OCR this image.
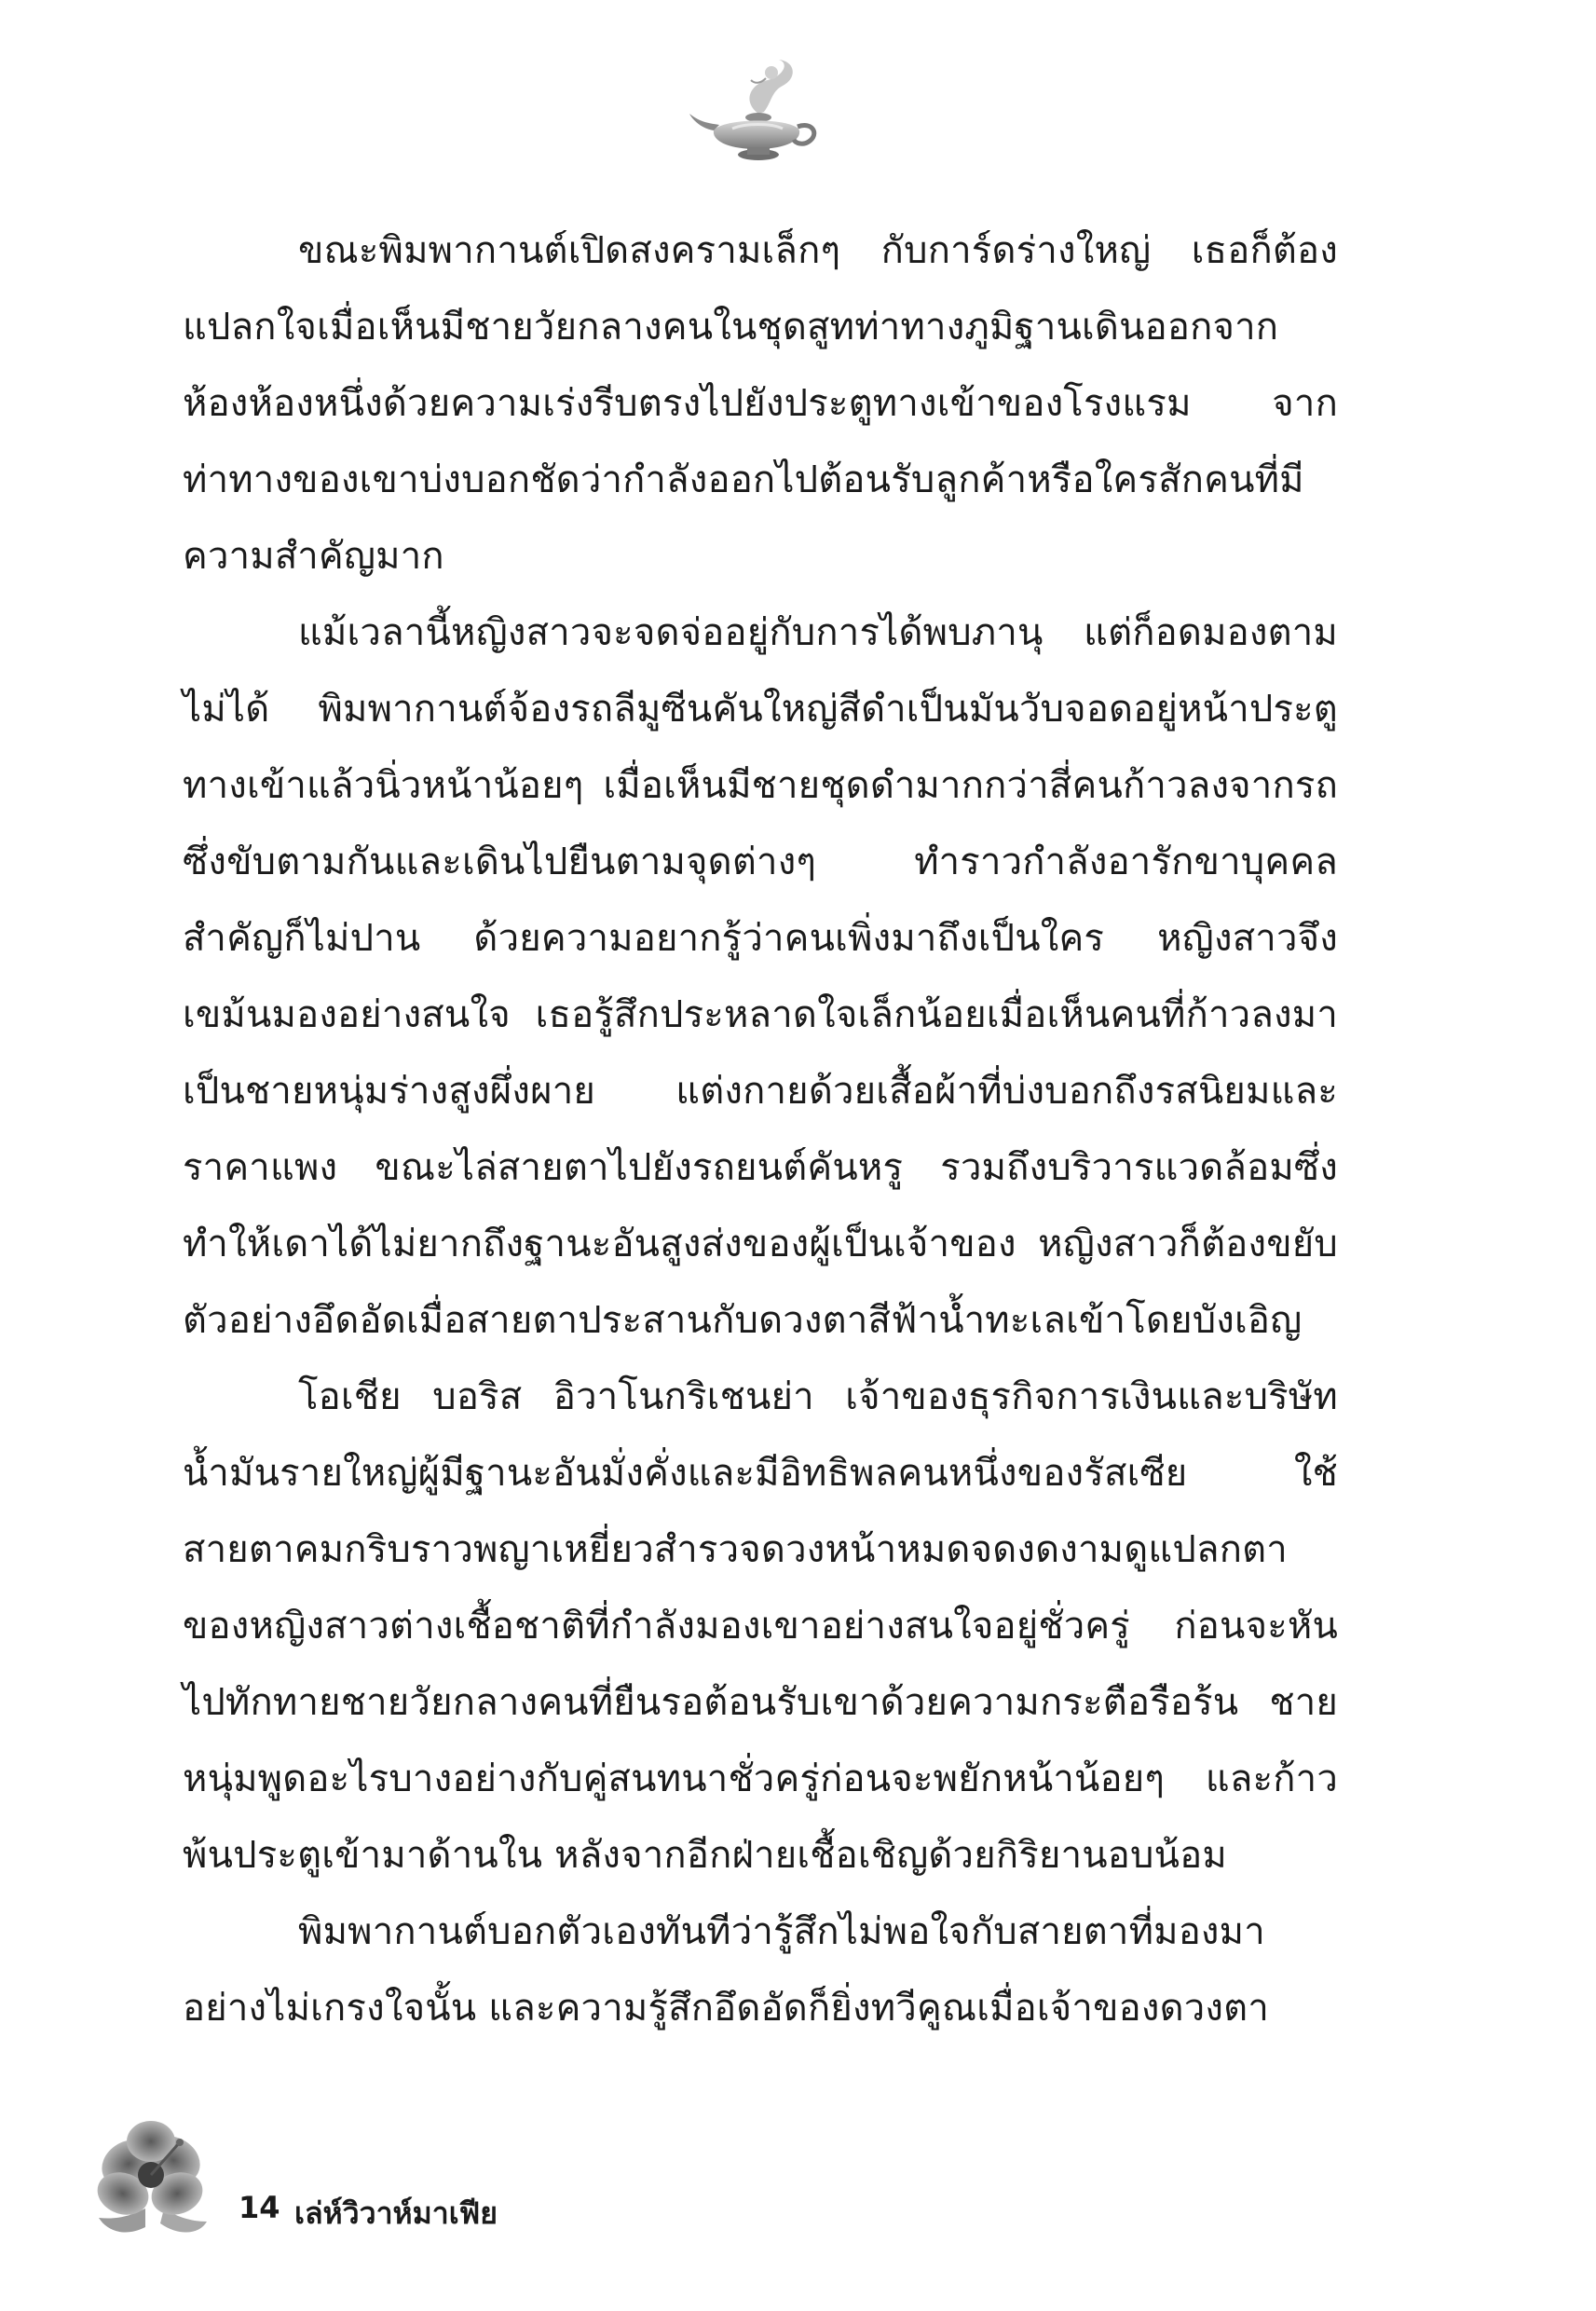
ขณะพิมพากานต์เปิดสงครามเล็กๆ กับการ์ดร่างใหญ่ เธอก็ต้องแปลกใจเมื่อเห็นมีชายวัยกลางคนในชุดสูทท่าทางภูมิฐานเดินออกจากห้องห้องหนึ่งด้วยความเร่งรีบตรงไปยังประตูทางเข้าของโรงแรม จากท่าทางของเขาบ่งบอกชัดว่ากำลังออกไปต้อนรับลูกค้าหรือใครสักคนที่มีความสำคัญมาก

แม้เวลานี้หญิงสาวจะจดจ่ออยู่กับการได้พบภานุ แต่ก็อดมองตามไม่ได้ พิมพากานต์จ้องรถลีมูซีนคันใหญ่สีดำเป็นมันวับจอดอยู่หน้าประตูทางเข้าแล้วนิ่วหน้าน้อยๆ เมื่อเห็นมีชายชุดดำมากกว่าสี่คนก้าวลงจากรถซึ่งขับตามกันและเดินไปยืนตามจุดต่างๆ ทำราวกำลังอารักขาบุคคลสำคัญก็ไม่ปาน ด้วยความอยากรู้ว่าคนเพิ่งมาถึงเป็นใคร หญิงสาวจึงเขม้นมองอย่างสนใจ เธอรู้สึกประหลาดใจเล็กน้อยเมื่อเห็นคนที่ก้าวลงมาเป็นชายหนุ่มร่างสูงผึ่งผาย แต่งกายด้วยเสื้อผ้าที่บ่งบอกถึงรสนิยมและราคาแพง ขณะไล่สายตาไปยังรถยนต์คันหรู รวมถึงบริวารแวดล้อมซึ่งทำให้เดาได้ไม่ยากถึงฐานะอันสูงส่งของผู้เป็นเจ้าของ หญิงสาวก็ต้องขยับตัวอย่างอึดอัดเมื่อสายตาประสานกับดวงตาสีฟ้าน้ำทะเลเข้าโดยบังเอิญ

โอเชีย บอริส อิวาโนกริเชนย่า เจ้าของธุรกิจการเงินและบริษัทน้ำมันรายใหญ่ผู้มีฐานะอันมั่งคั่งและมีอิทธิพลคนหนึ่งของรัสเซีย ใช้สายตาคมกริบราวพญาเหยี่ยวสำรวจดวงหน้าหมดจดงดงามดูแปลกตาของหญิงสาวต่างเชื้อชาติที่กำลังมองเขาอย่างสนใจอยู่ชั่วครู่ ก่อนจะหันไปทักทายชายวัยกลางคนที่ยืนรอต้อนรับเขาด้วยความกระตือรือร้น ชายหนุ่มพูดอะไรบางอย่างกับคู่สนทนาชั่วครู่ก่อนจะพยักหน้าน้อยๆ และก้าวพ้นประตูเข้ามาด้านใน หลังจากอีกฝ่ายเชื้อเชิญด้วยกิริยานอบน้อม

พิมพากานต์บอกตัวเองทันทีว่ารู้สึกไม่พอใจกับสายตาที่มองมาอย่างไม่เกรงใจนั้น และความรู้สึกอึดอัดก็ยิ่งทวีคูณเมื่อเจ้าของดวงตา

14 เล่ห์วิวาห์มาเฟีย
